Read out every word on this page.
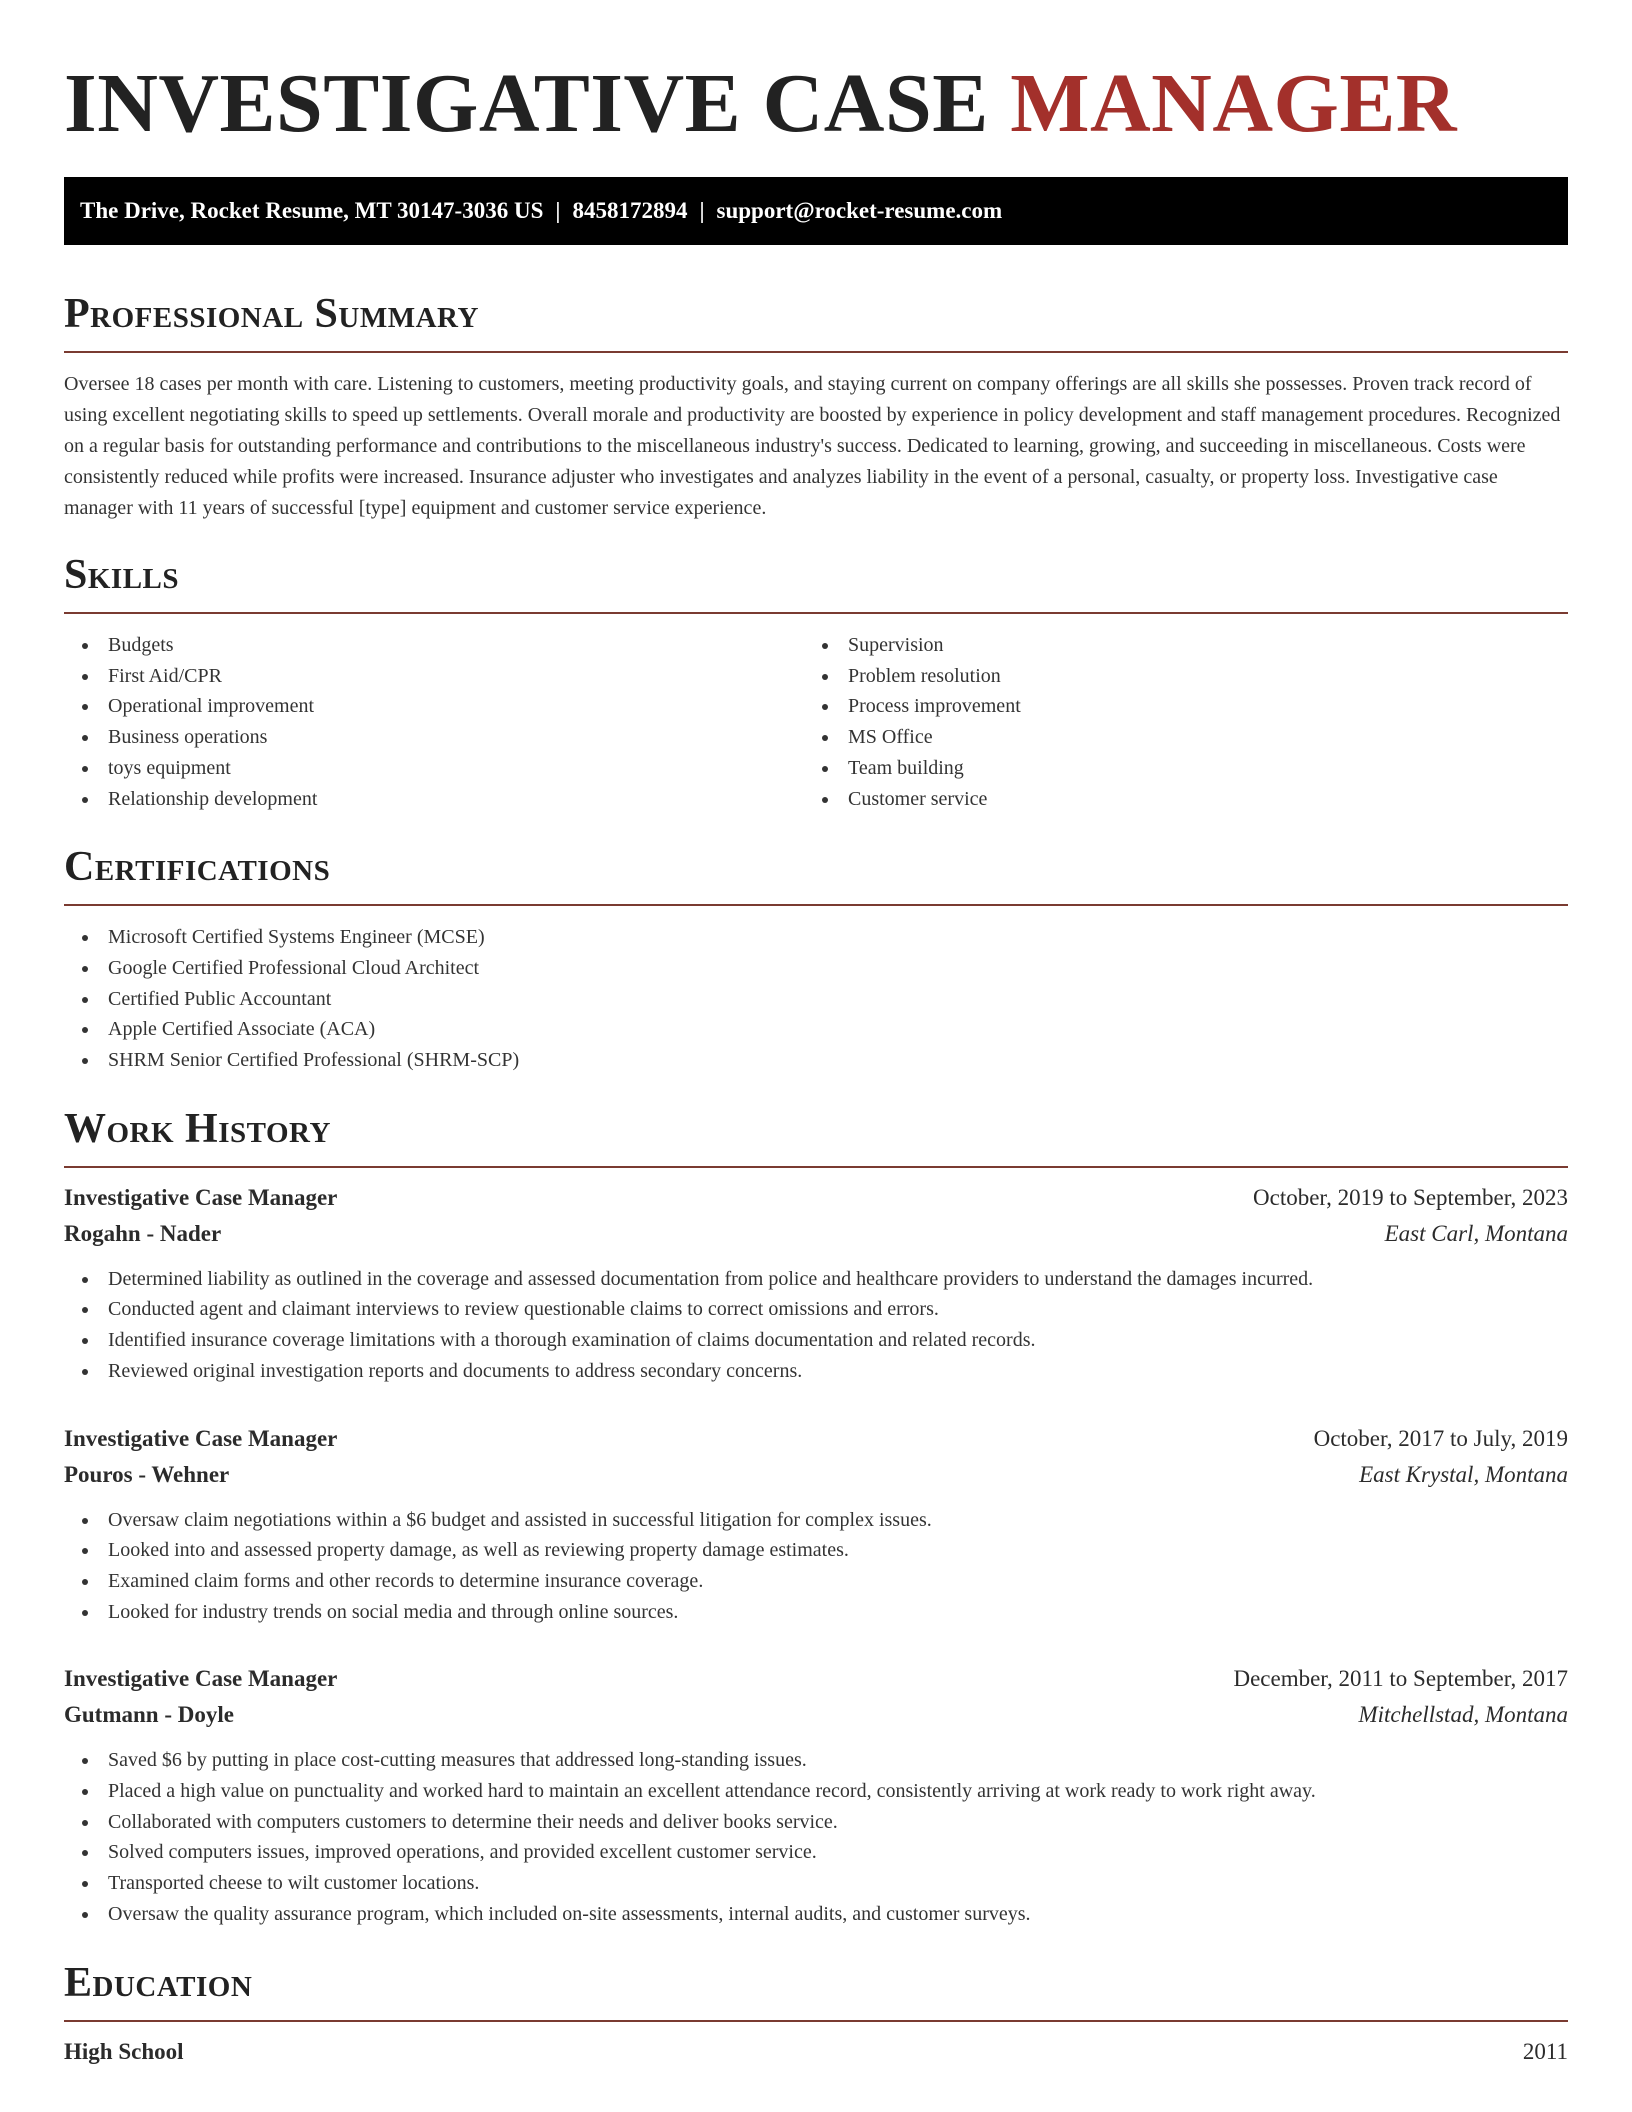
INVESTIGATIVE CASE MANAGER
The Drive, Rocket Resume, MT 30147-3036 US | 8458172894 | support@rocket-resume.com
Professional Summary

Oversee 18 cases per month with care. Listening to customers, meeting productivity goals, and staying current on company offerings are all skills she possesses. Proven track record of using excellent negotiating skills to speed up settlements. Overall morale and productivity are boosted by experience in policy development and staff management procedures. Recognized on a regular basis for outstanding performance and contributions to the miscellaneous industry's success. Dedicated to learning, growing, and succeeding in miscellaneous. Costs were consistently reduced while profits were increased. Insurance adjuster who investigates and analyzes liability in the event of a personal, casualty, or property loss. Investigative case manager with 11 years of successful [type] equipment and customer service experience.

Skills
Budgets
First Aid/CPR
Operational improvement
Business operations
toys equipment
Relationship development
Supervision
Problem resolution
Process improvement
MS Office
Team building
Customer service
Certifications
Microsoft Certified Systems Engineer (MCSE)
Google Certified Professional Cloud Architect
Certified Public Accountant
Apple Certified Associate (ACA)
SHRM Senior Certified Professional (SHRM-SCP)
Work History
Investigative Case Manager	October, 2019 to September, 2023
Rogahn - Nader	East Carl, Montana
Determined liability as outlined in the coverage and assessed documentation from police and healthcare providers to understand the damages incurred.
Conducted agent and claimant interviews to review questionable claims to correct omissions and errors.
Identified insurance coverage limitations with a thorough examination of claims documentation and related records.
Reviewed original investigation reports and documents to address secondary concerns.
Investigative Case Manager	October, 2017 to July, 2019
Pouros - Wehner	East Krystal, Montana
Oversaw claim negotiations within a $6 budget and assisted in successful litigation for complex issues.
Looked into and assessed property damage, as well as reviewing property damage estimates.
Examined claim forms and other records to determine insurance coverage.
Looked for industry trends on social media and through online sources.
Investigative Case Manager	December, 2011 to September, 2017
Gutmann - Doyle	Mitchellstad, Montana
Saved $6 by putting in place cost-cutting measures that addressed long-standing issues.
Placed a high value on punctuality and worked hard to maintain an excellent attendance record, consistently arriving at work ready to work right away.
Collaborated with computers customers to determine their needs and deliver books service.
Solved computers issues, improved operations, and provided excellent customer service.
Transported cheese to wilt customer locations.
Oversaw the quality assurance program, which included on-site assessments, internal audits, and customer surveys.
Education
High School	2011
